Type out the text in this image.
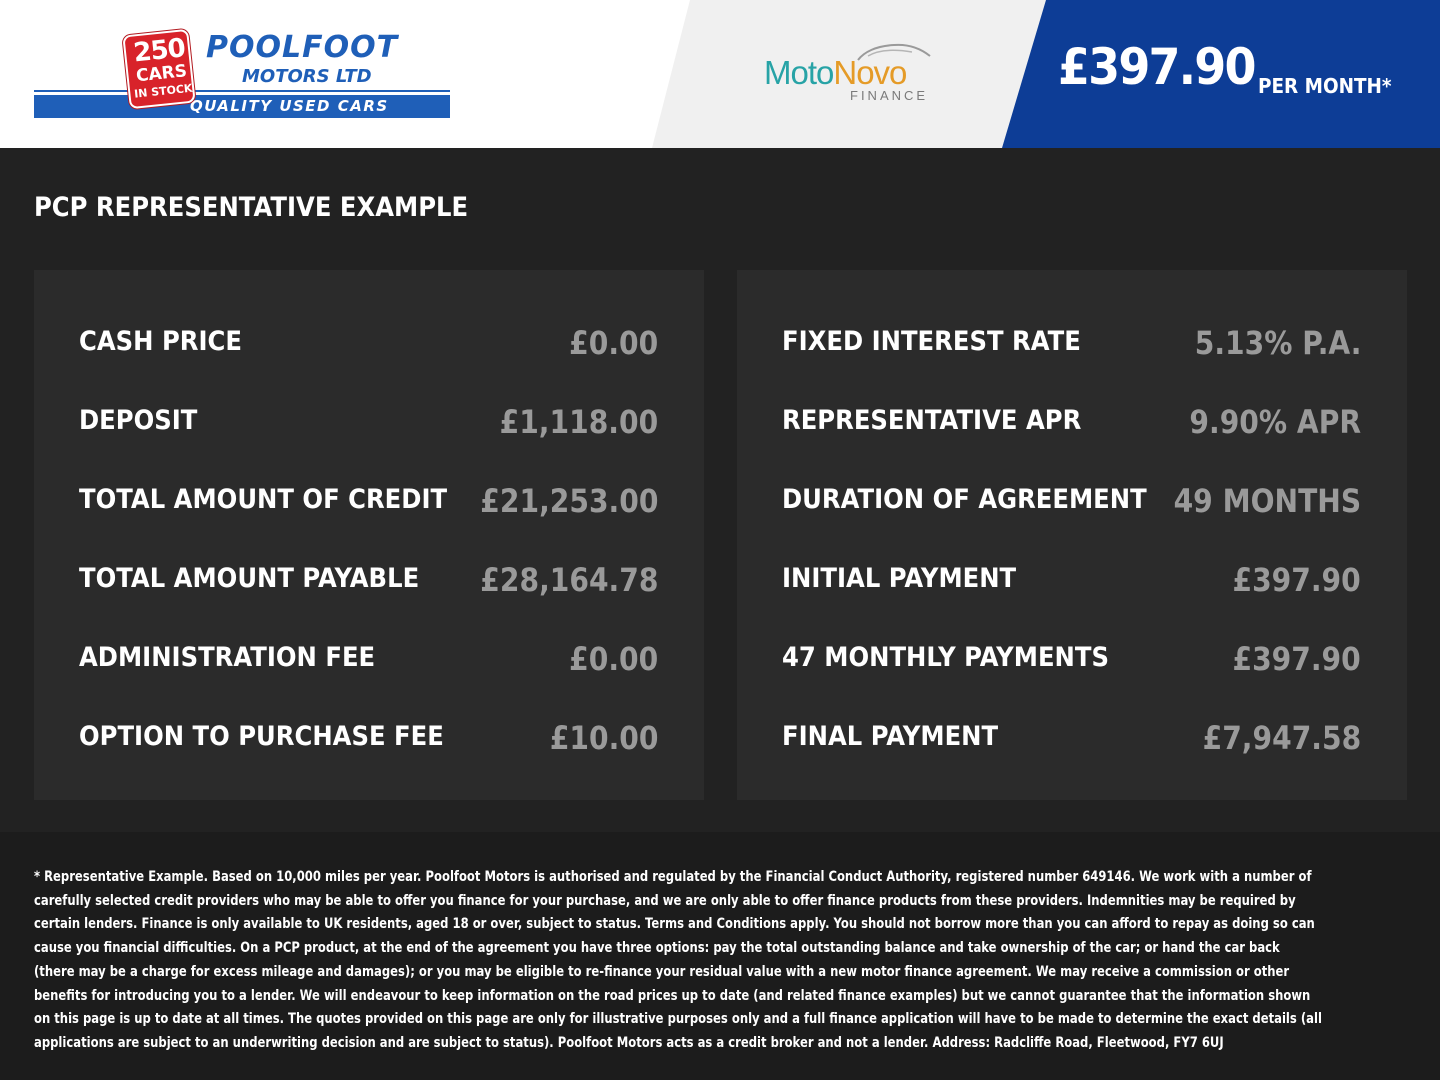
QUALITY USED CARS
250
CARS
IN STOCK
POOLFOOT
MOTORS LTD	MotoNovo
FINANCE	£397.90 PER MONTH*
PCP REPRESENTATIVE EXAMPLE
CASH PRICE	£0.00
DEPOSIT	£1,118.00
TOTAL AMOUNT OF CREDIT £21,253.00
TOTAL AMOUNT PAYABLE £28,164.78
ADMINISTRATION FEE	£0.00
OPTION TO PURCHASE FEE	£10.00
FIXED INTEREST RATE	5.13% P.A.
REPRESENTATIVE APR	9.90% APR
DURATION OF AGREEMENT 49 MONTHS
INITIAL PAYMENT	£397.90
47 MONTHLY PAYMENTS	£397.90
FINAL PAYMENT	£7,947.58
* Representative Example. Based on 10,000 miles per year. Poolfoot Motors is authorised and regulated by the Financial Conduct Authority, registered number 649146. We work with a number of carefully selected credit providers who may be able to offer you finance for your purchase, and we are only able to offer finance products from these providers. Indemnities may be required by certain lenders. Finance is only available to UK residents, aged 18 or over, subject to status. Terms and Conditions apply. You should not borrow more than you can afford to repay as doing so can cause you financial difficulties. On a PCP product, at the end of the agreement you have three options: pay the total outstanding balance and take ownership of the car; or hand the car back (there may be a charge for excess mileage and damages); or you may be eligible to re-finance your residual value with a new motor finance agreement. We may receive a commission or other benefits for introducing you to a lender. We will endeavour to keep information on the road prices up to date (and related finance examples) but we cannot guarantee that the information shown on this page is up to date at all times. The quotes provided on this page are only for illustrative purposes only and a full finance application will have to be made to determine the exact details (all applications are subject to an underwriting decision and are subject to status). Poolfoot Motors acts as a credit broker and not a lender. Address: Radcliffe Road, Fleetwood, FY7 6UJ
